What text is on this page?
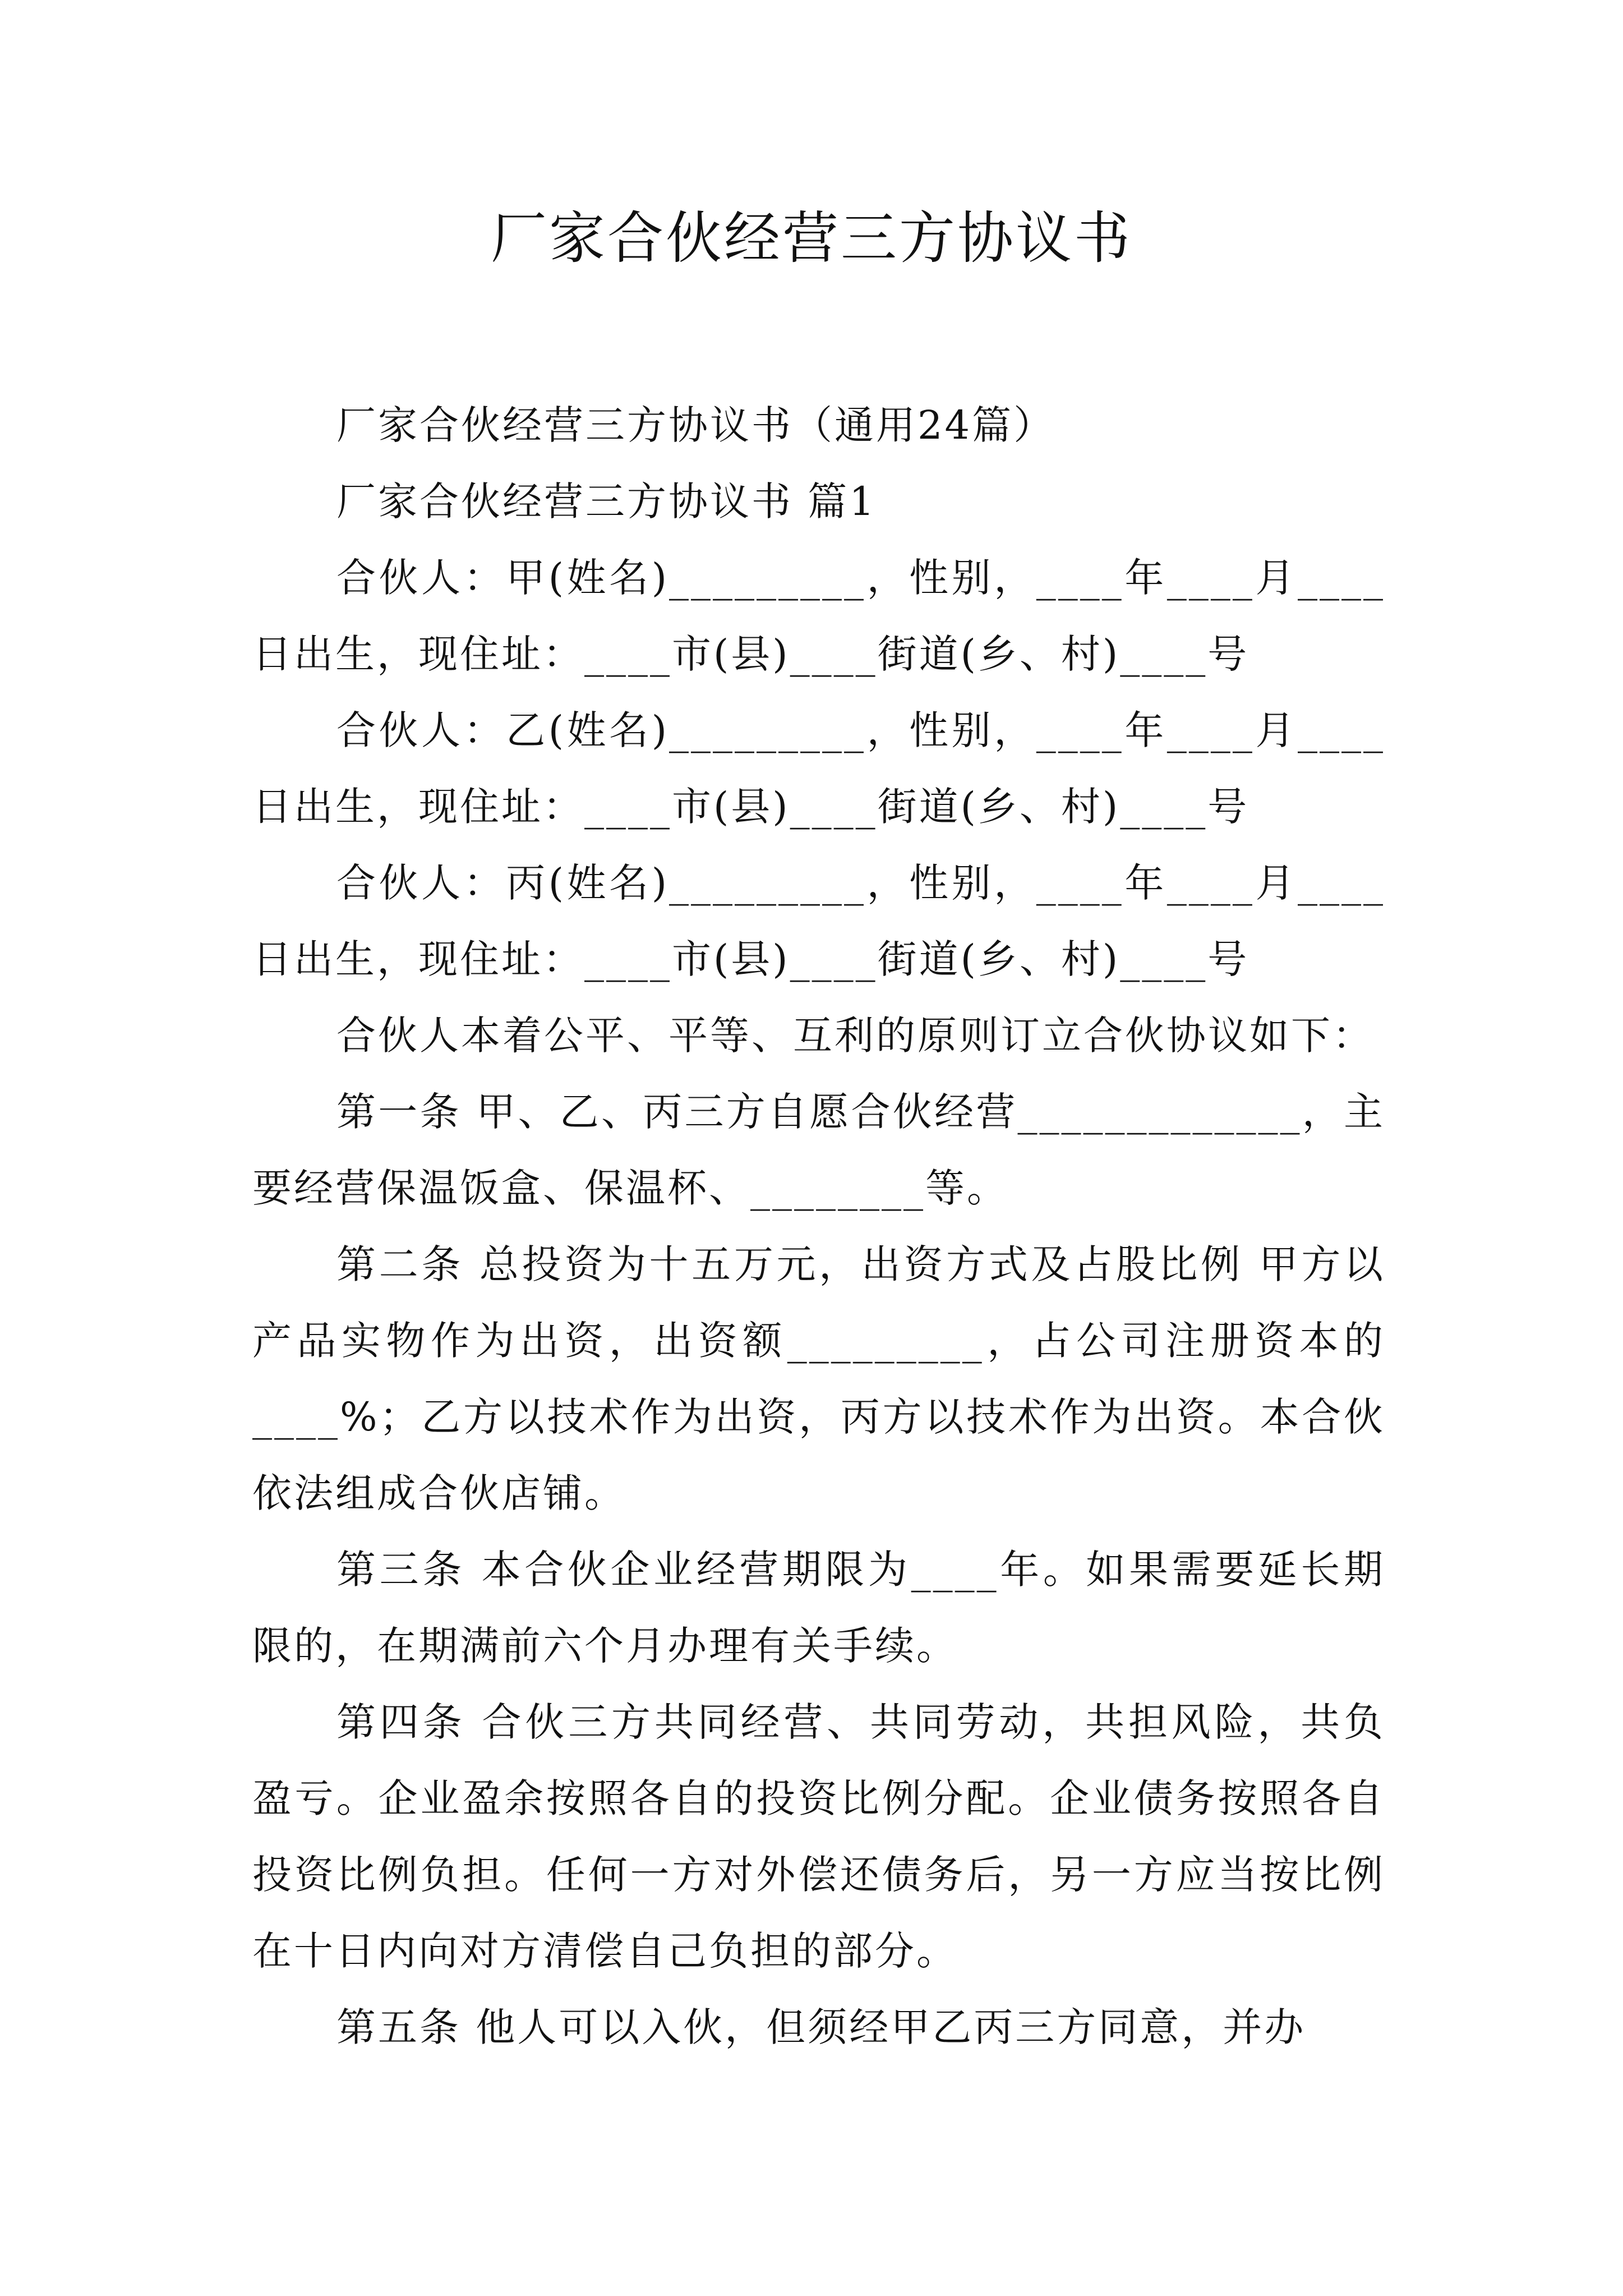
厂家合伙经营三方协议书

厂家合伙经营三方协议书（通用24篇）

厂家合伙经营三方协议书 篇1

合伙人：甲(姓名)_________，性别，____年____月____日出生，现住址：____市(县)____街道(乡、村)____号

合伙人：乙(姓名)_________，性别，____年____月____日出生，现住址：____市(县)____街道(乡、村)____号

合伙人：丙(姓名)_________，性别，____年____月____日出生，现住址：____市(县)____街道(乡、村)____号

合伙人本着公平、平等、互利的原则订立合伙协议如下：

第一条 甲、乙、丙三方自愿合伙经营_____________，主要经营保温饭盒、保温杯、________等。

第二条 总投资为十五万元，出资方式及占股比例 甲方以产品实物作为出资，出资额_________，占公司注册资本的____%；乙方以技术作为出资，丙方以技术作为出资。本合伙依法组成合伙店铺。

第三条 本合伙企业经营期限为____年。如果需要延长期限的，在期满前六个月办理有关手续。

第四条 合伙三方共同经营、共同劳动，共担风险，共负盈亏。企业盈余按照各自的投资比例分配。企业债务按照各自投资比例负担。任何一方对外偿还债务后，另一方应当按比例在十日内向对方清偿自己负担的部分。

第五条 他人可以入伙，但须经甲乙丙三方同意，并办
